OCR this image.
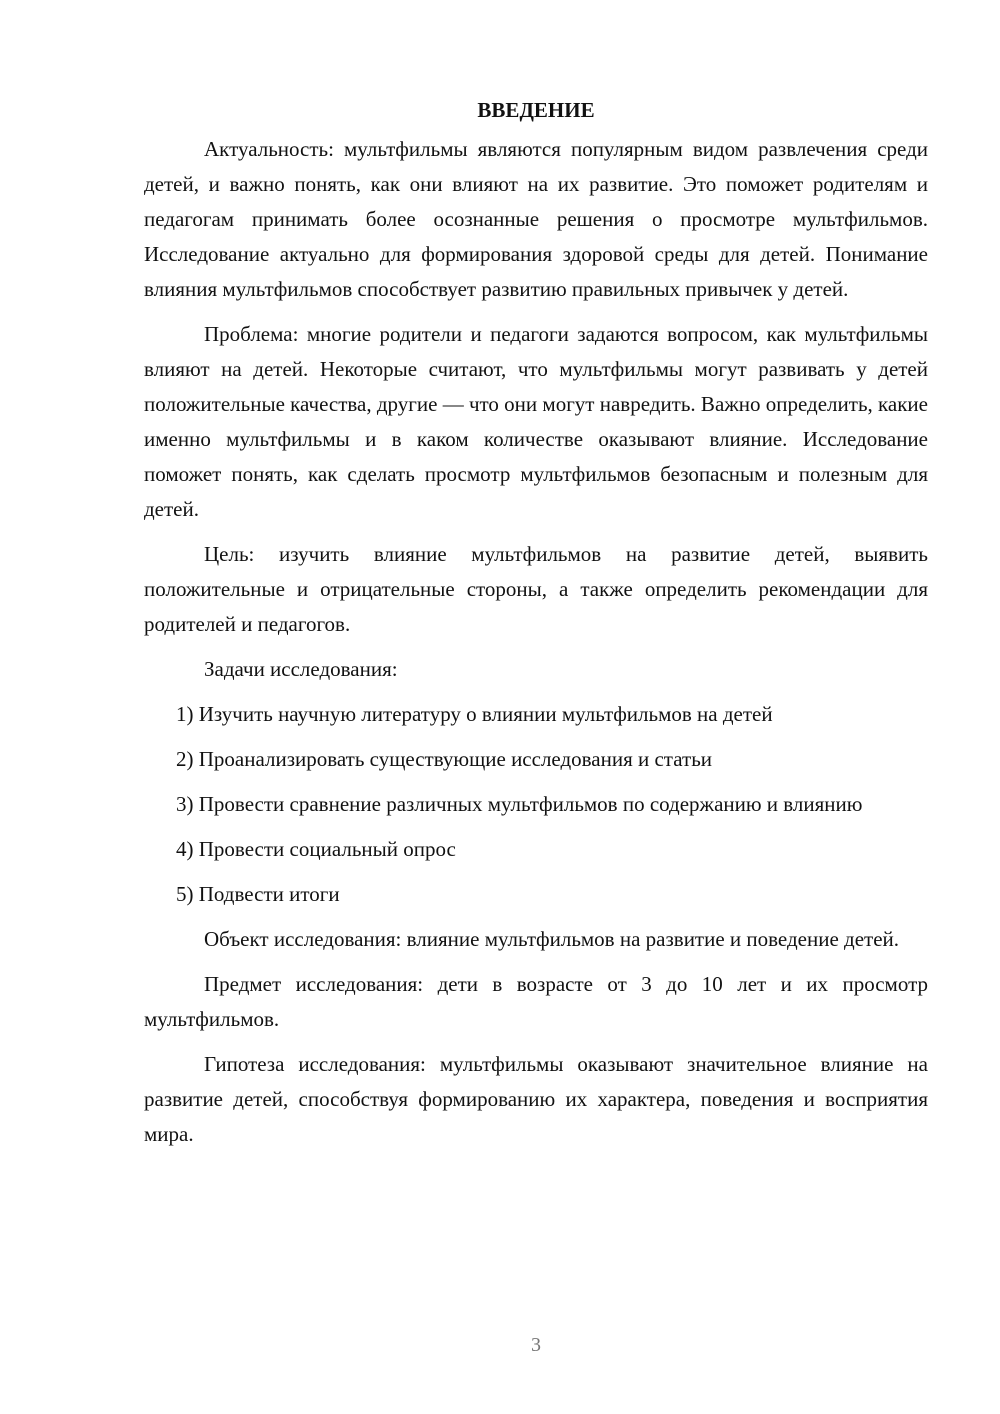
ВВЕДЕНИЕ

Актуальность: мультфильмы являются популярным видом развлечения среди детей, и важно понять, как они влияют на их развитие. Это поможет родителям и педагогам принимать более осознанные решения о просмотре мультфильмов. Исследование актуально для формирования здоровой среды для детей. Понимание влияния мультфильмов способствует развитию правильных привычек у детей.

Проблема: многие родители и педагоги задаются вопросом, как мультфильмы влияют на детей. Некоторые считают, что мультфильмы могут развивать у детей положительные качества, другие — что они могут навредить. Важно определить, какие именно мультфильмы и в каком количестве оказывают влияние. Исследование поможет понять, как сделать просмотр мультфильмов безопасным и полезным для детей.

Цель: изучить влияние мультфильмов на развитие детей, выявить положительные и отрицательные стороны, а также определить рекомендации для родителей и педагогов.

Задачи исследования:

1) Изучить научную литературу о влиянии мультфильмов на детей

2) Проанализировать существующие исследования и статьи

3) Провести сравнение различных мультфильмов по содержанию и влиянию

4) Провести социальный опрос

5) Подвести итоги

Объект исследования: влияние мультфильмов на развитие и поведение детей.

Предмет исследования: дети в возрасте от 3 до 10 лет и их просмотр мультфильмов.

Гипотеза исследования: мультфильмы оказывают значительное влияние на развитие детей, способствуя формированию их характера, поведения и восприятия мира.

3
